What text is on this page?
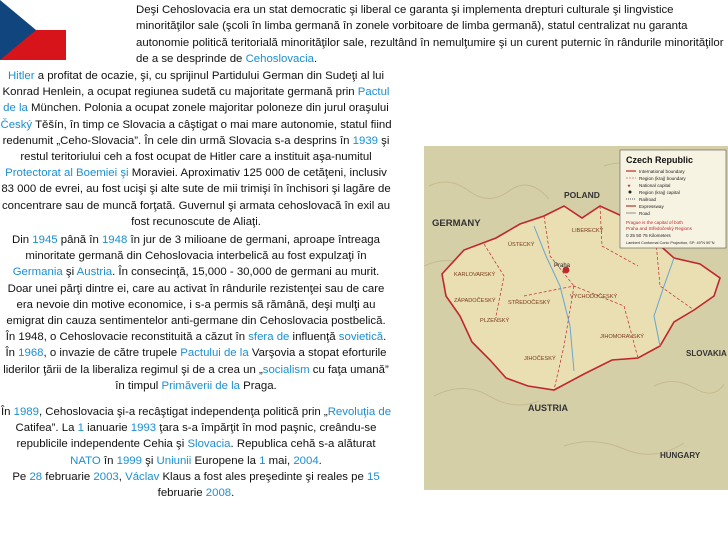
Deşi Cehoslovacia era un stat democratic şi liberal ce garanta şi implementa drepturi culturale şi lingvistice minorităţilor sale (şcoli în limba germană în zonele vorbitoare de limba germană), statul centralizat nu garanta autonomie politică teritorială minorităţilor sale, rezultând în nemulţumire şi un curent puternic în rândurile minorităţilor de a se desprinde de Cehoslovacia.

Hitler a profitat de ocazie, şi, cu sprijinul Partidului German din Sudeţi al lui Konrad Henlein, a ocupat regiunea sudetă cu majoritate germană prin Pactul de la München. Polonia a ocupat zonele majoritar poloneze din jurul oraşului Český Těšín, în timp ce Slovacia a câştigat o mai mare autonomie, statul fiind redenumit „Ceho-Slovacia”. În cele din urmă Slovacia s-a desprins în 1939 şi restul teritoriului ceh a fost ocupat de Hitler care a instituit aşa-numitul Protectorat al Boemiei şi Moraviei. Aproximativ 125 000 de cetăţeni, inclusiv 83 000 de evrei, au fost ucişi şi alte sute de mii trimişi în închisori şi lagăre de concentrare sau de muncă forţată. Guvernul şi armata cehoslovacă în exil au fost recunoscute de Aliaţi.

Din 1945 până în 1948 în jur de 3 milioane de germani, aproape întreaga minoritate germană din Cehoslovacia interbelică au fost expulzaţi în Germania şi Austria. În consecinţă, 15,000 - 30,000 de germani au murit. Doar unei părţi dintre ei, care au activat în rândurile rezistenţei sau de care era nevoie din motive economice, i s-a permis să rămână, deşi mulţi au emigrat din cauza sentimentelor anti-germane din Cehoslovacia postbelică.

În 1948, o Cehoslovacie reconstituită a căzut în sfera de influenţă sovietică. În 1968, o invazie de către trupele Pactului de la Varşovia a stopat eforturile liderilor ţării de la liberaliza regimul şi de a crea un „socialism cu faţa umană” în timpul Primăverii de la Praga.

În 1989, Cehoslovacia şi-a recâştigat independenţa politică prin „Revoluţia de Catifea”. La 1 ianuarie 1993 ţara s-a împărţit în mod paşnic, creându-se republicile independente Cehia şi Slovacia. Republica cehă s-a alăturat NATO în 1999 şi Uniunii Europene la 1 mai, 2004.

Pe 28 februarie 2003, Václav Klaus a fost ales preşedinte şi reales pe 15 februarie 2008.

Praha
GERMANY
POLAND
SLOVAKIA
AUSTRIA
HUNGARY
ÚSTECKÝ
LIBERECKÝ
KARLOVARSKÝ
VÝCHODOČESKÝ
ZÁPADOČESKÝ
PLZEŇSKÝ
STŘEDOČESKÝ
JIHOČESKÝ
JIHOMORAVSKÝ
Czech Republic
International boundary
Region (kraj) boundary
★ National capital
Region (kraj) capital
Railroad
Expressway
Road
Prague is the capital of both
Praha and Středočeský Regions
0 25 50 75 Kilometers
Lambert Conformal Conic Projection, SP: 49°N 50°N
